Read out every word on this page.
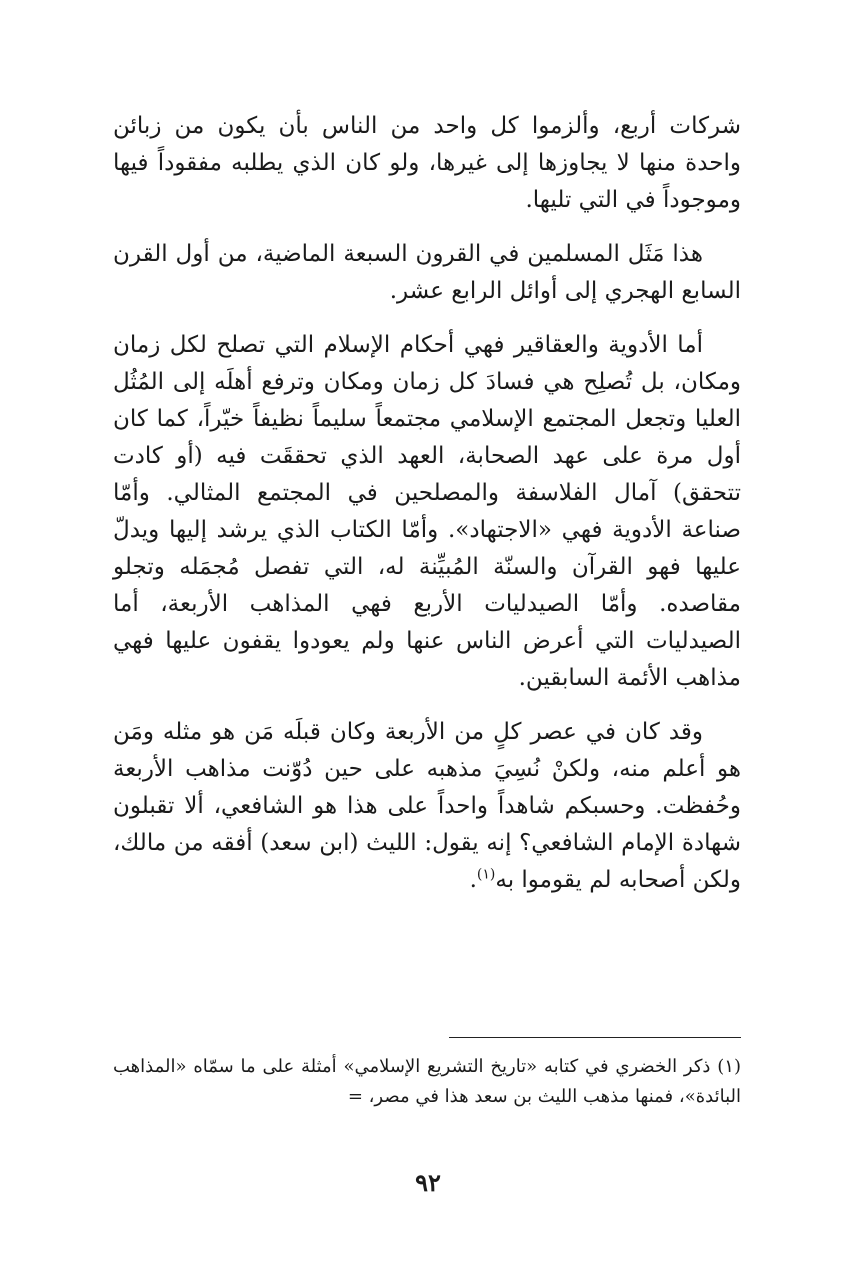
شركات أربع، وألزموا كل واحد من الناس بأن يكون من زبائن واحدة منها لا يجاوزها إلى غيرها، ولو كان الذي يطلبه مفقوداً فيها وموجوداً في التي تليها.

هذا مَثَل المسلمين في القرون السبعة الماضية، من أول القرن السابع الهجري إلى أوائل الرابع عشر.

أما الأدوية والعقاقير فهي أحكام الإسلام التي تصلح لكل زمان ومكان، بل تُصلِح هي فسادَ كل زمان ومكان وترفع أهلَه إلى المُثُل العليا وتجعل المجتمع الإسلامي مجتمعاً سليماً نظيفاً خيّراً، كما كان أول مرة على عهد الصحابة، العهد الذي تحققَت فيه (أو كادت تتحقق) آمال الفلاسفة والمصلحين في المجتمع المثالي. وأمّا صناعة الأدوية فهي «الاجتهاد». وأمّا الكتاب الذي يرشد إليها ويدلّ عليها فهو القرآن والسنّة المُبيِّنة له، التي تفصل مُجمَله وتجلو مقاصده. وأمّا الصيدليات الأربع فهي المذاهب الأربعة، أما الصيدليات التي أعرض الناس عنها ولم يعودوا يقفون عليها فهي مذاهب الأئمة السابقين.

وقد كان في عصر كلٍ من الأربعة وكان قبلَه مَن هو مثله ومَن هو أعلم منه، ولكنْ نُسِيَ مذهبه على حين دُوّنت مذاهب الأربعة وحُفظت. وحسبكم شاهداً واحداً على هذا هو الشافعي، ألا تقبلون شهادة الإمام الشافعي؟ إنه يقول: الليث (ابن سعد) أفقه من مالك، ولكن أصحابه لم يقوموا به$^{(١)}$.

(١) ذكر الخضري في كتابه «تاريخ التشريع الإسلامي» أمثلة على ما سمّاه «المذاهب البائدة»، فمنها مذهب الليث بن سعد هذا في مصر، =

٩٢
